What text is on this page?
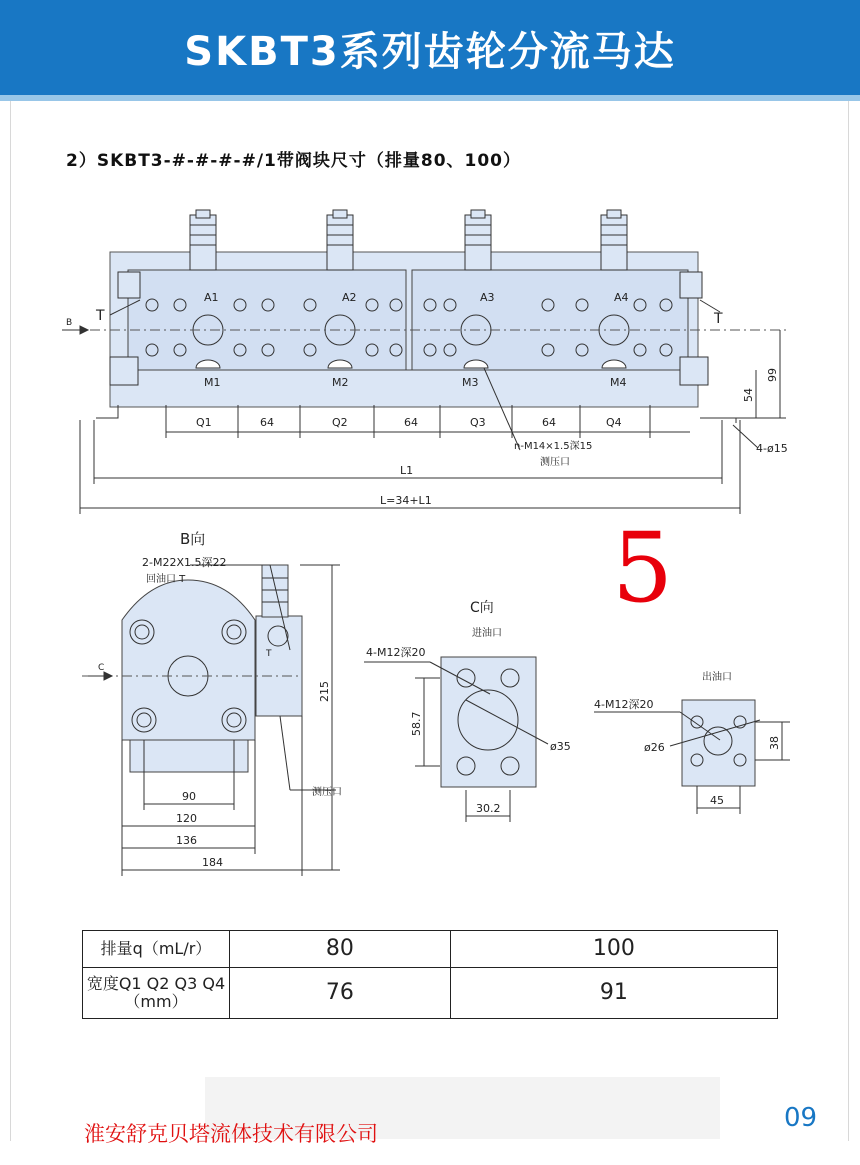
SKBT3系列齿轮分流马达
2）SKBT3-#-#-#-#/1带阀块尺寸（排量80、100）
A1	A2	A3	A4
M1	M2	M3	M4
T	T
B
Q1	64	Q2	64	Q3	64	Q4
99
54
4-ø15
n-M14×1.5深15
测压口
L1
L=34+L1
B向
2-M22X1.5深22
回油口 T
C
T
215
90
120
136
184
测压口
C向
进油口
4-M12深20
58.7
ø35
30.2
出油口
4-M12深20
ø26	38
45
5
排量q（mL/r）	80	100
宽度Q1 Q2 Q3 Q4
（mm）	76	91
淮安舒克贝塔流体技术有限公司
09
